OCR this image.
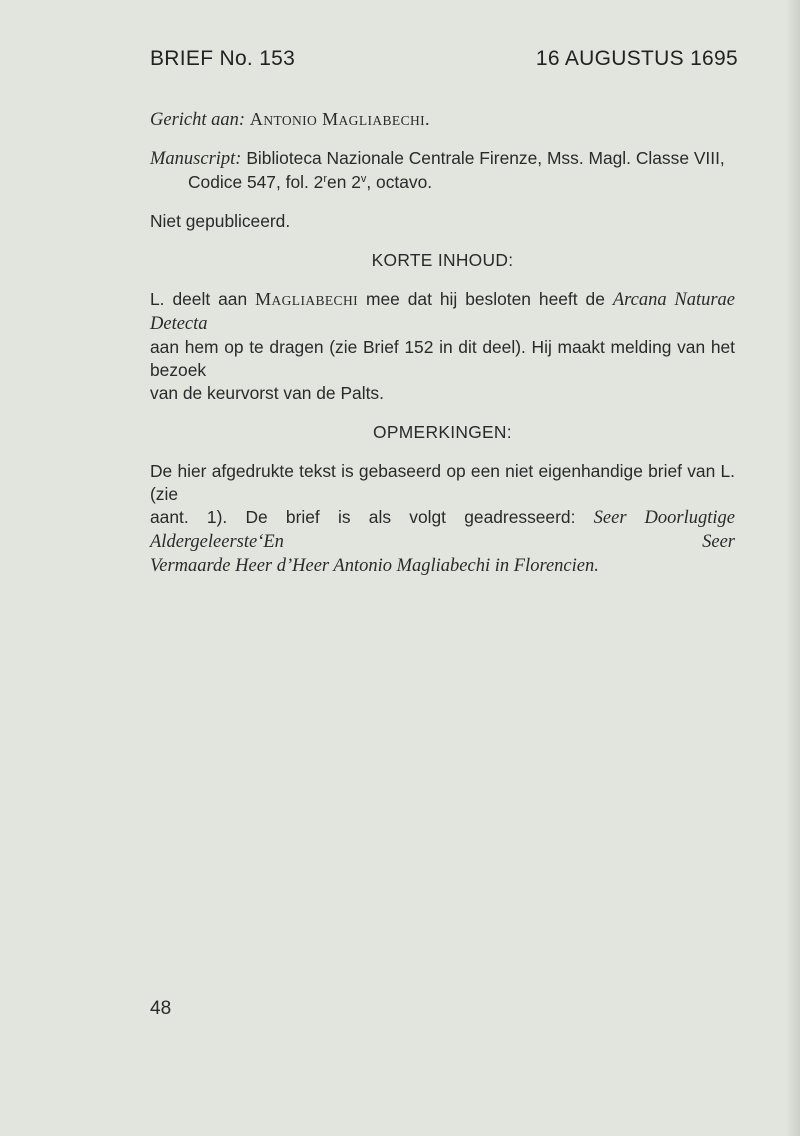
BRIEF No. 153	16 AUGUSTUS 1695

Gericht aan: ANTONIO MAGLIABECHI.

Manuscript: Biblioteca Nazionale Centrale Firenze, Mss. Magl. Classe VIII,

Codice 547, fol. 2$^r$en 2$^v$, octavo.

Niet gepubliceerd.

KORTE INHOUD:

L. deelt aan MAGLIABECHI mee dat hij besloten heeft de Arcana Naturae Detecta

aan hem op te dragen (zie Brief 152 in dit deel). Hij maakt melding van het bezoek

van de keurvorst van de Palts.

OPMERKINGEN:

De hier afgedrukte tekst is gebaseerd op een niet eigenhandige brief van L. (zie

aant. 1). De brief is als volgt geadresseerd: Seer Doorlugtige Aldergeleerste‘En Seer

Vermaarde Heer d’Heer Antonio Magliabechi in Florencien.

48
